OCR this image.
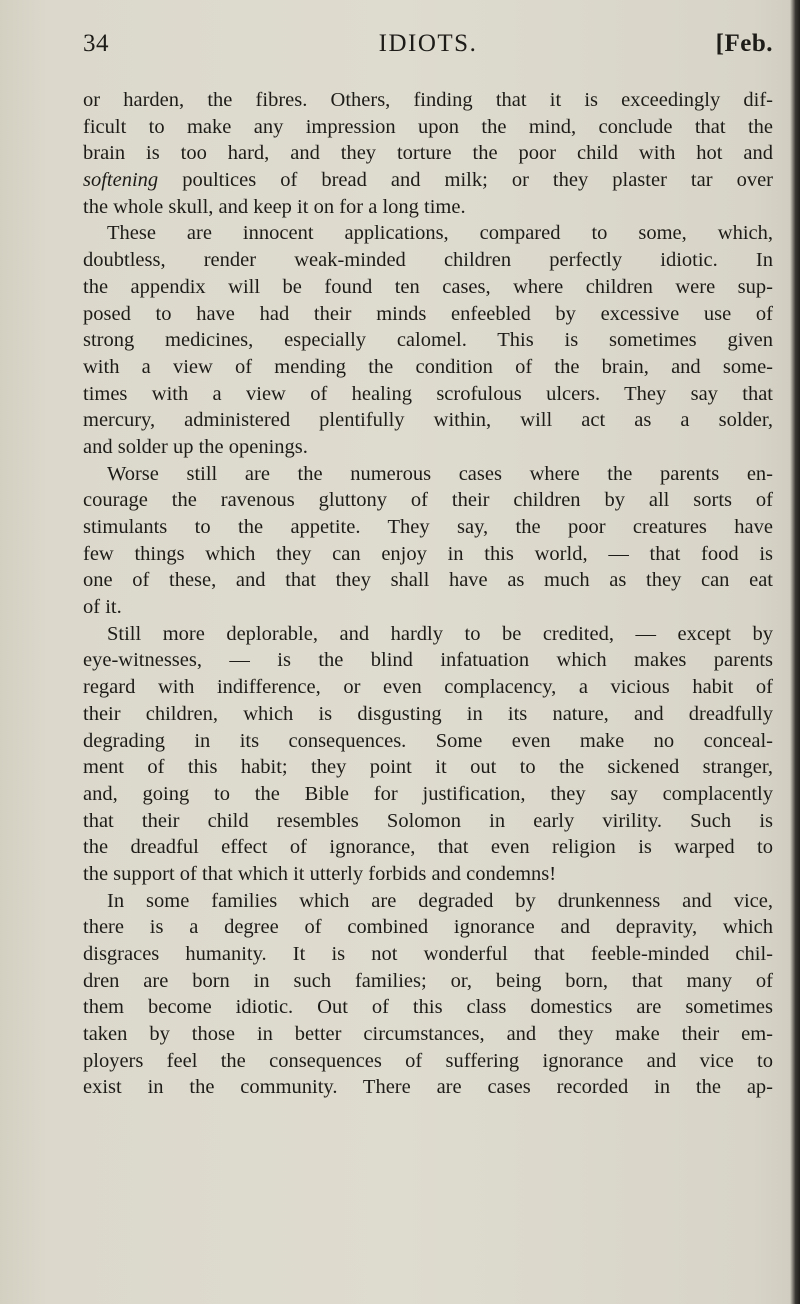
34	IDIOTS.	[Feb.
or harden, the fibres. Others, finding that it is exceedingly dif-
ficult to make any impression upon the mind, conclude that the
brain is too hard, and they torture the poor child with hot and
softening poultices of bread and milk; or they plaster tar over
the whole skull, and keep it on for a long time.
These are innocent applications, compared to some, which,
doubtless, render weak-minded children perfectly idiotic. In
the appendix will be found ten cases, where children were sup-
posed to have had their minds enfeebled by excessive use of
strong medicines, especially calomel. This is sometimes given
with a view of mending the condition of the brain, and some-
times with a view of healing scrofulous ulcers. They say that
mercury, administered plentifully within, will act as a solder,
and solder up the openings.
Worse still are the numerous cases where the parents en-
courage the ravenous gluttony of their children by all sorts of
stimulants to the appetite. They say, the poor creatures have
few things which they can enjoy in this world, — that food is
one of these, and that they shall have as much as they can eat
of it.
Still more deplorable, and hardly to be credited, — except by
eye-witnesses, — is the blind infatuation which makes parents
regard with indifference, or even complacency, a vicious habit of
their children, which is disgusting in its nature, and dreadfully
degrading in its consequences. Some even make no conceal-
ment of this habit; they point it out to the sickened stranger,
and, going to the Bible for justification, they say complacently
that their child resembles Solomon in early virility. Such is
the dreadful effect of ignorance, that even religion is warped to
the support of that which it utterly forbids and condemns!
In some families which are degraded by drunkenness and vice,
there is a degree of combined ignorance and depravity, which
disgraces humanity. It is not wonderful that feeble-minded chil-
dren are born in such families; or, being born, that many of
them become idiotic. Out of this class domestics are sometimes
taken by those in better circumstances, and they make their em-
ployers feel the consequences of suffering ignorance and vice to
exist in the community. There are cases recorded in the ap-
